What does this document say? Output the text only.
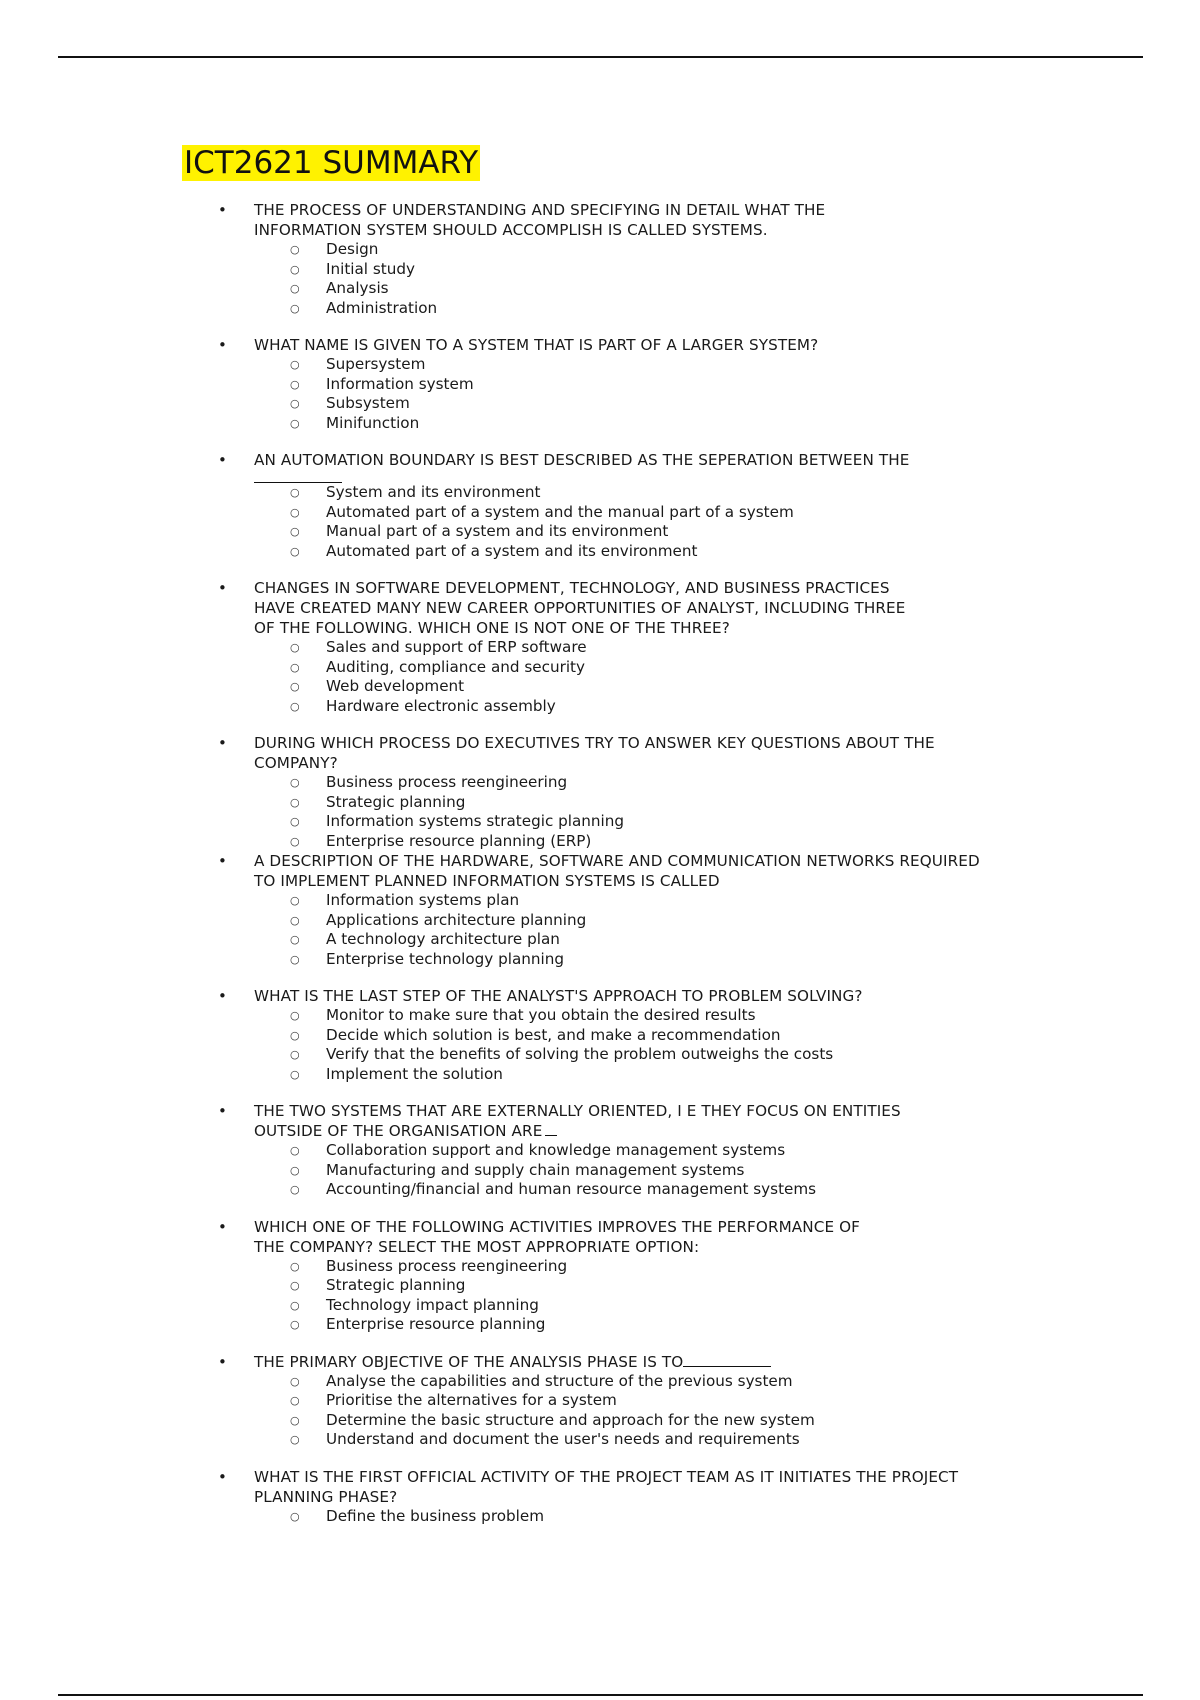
ICT2621 SUMMARY
• THE PROCESS OF UNDERSTANDING AND SPECIFYING IN DETAIL WHAT THE
INFORMATION SYSTEM SHOULD ACCOMPLISH IS CALLED SYSTEMS.
○ Design
○ Initial study
○ Analysis
○ Administration
• WHAT NAME IS GIVEN TO A SYSTEM THAT IS PART OF A LARGER SYSTEM?
○ Supersystem
○ Information system
○ Subsystem
○ Minifunction
• AN AUTOMATION BOUNDARY IS BEST DESCRIBED AS THE SEPERATION BETWEEN THE
○ System and its environment
○ Automated part of a system and the manual part of a system
○ Manual part of a system and its environment
○ Automated part of a system and its environment
• CHANGES IN SOFTWARE DEVELOPMENT, TECHNOLOGY, AND BUSINESS PRACTICES
HAVE CREATED MANY NEW CAREER OPPORTUNITIES OF ANALYST, INCLUDING THREE
OF THE FOLLOWING. WHICH ONE IS NOT ONE OF THE THREE?
○ Sales and support of ERP software
○ Auditing, compliance and security
○ Web development
○ Hardware electronic assembly
• DURING WHICH PROCESS DO EXECUTIVES TRY TO ANSWER KEY QUESTIONS ABOUT THE
COMPANY?
○ Business process reengineering
○ Strategic planning
○ Information systems strategic planning
○ Enterprise resource planning (ERP)
• A DESCRIPTION OF THE HARDWARE, SOFTWARE AND COMMUNICATION NETWORKS REQUIRED
TO IMPLEMENT PLANNED INFORMATION SYSTEMS IS CALLED
○ Information systems plan
○ Applications architecture planning
○ A technology architecture plan
○ Enterprise technology planning
• WHAT IS THE LAST STEP OF THE ANALYST'S APPROACH TO PROBLEM SOLVING?
○ Monitor to make sure that you obtain the desired results
○ Decide which solution is best, and make a recommendation
○ Verify that the benefits of solving the problem outweighs the costs
○ Implement the solution
• THE TWO SYSTEMS THAT ARE EXTERNALLY ORIENTED, I E THEY FOCUS ON ENTITIES
OUTSIDE OF THE ORGANISATION ARE
○ Collaboration support and knowledge management systems
○ Manufacturing and supply chain management systems
○ Accounting/financial and human resource management systems
• WHICH ONE OF THE FOLLOWING ACTIVITIES IMPROVES THE PERFORMANCE OF
THE COMPANY? SELECT THE MOST APPROPRIATE OPTION:
○ Business process reengineering
○ Strategic planning
○ Technology impact planning
○ Enterprise resource planning
• THE PRIMARY OBJECTIVE OF THE ANALYSIS PHASE IS TO
○ Analyse the capabilities and structure of the previous system
○ Prioritise the alternatives for a system
○ Determine the basic structure and approach for the new system
○ Understand and document the user's needs and requirements
• WHAT IS THE FIRST OFFICIAL ACTIVITY OF THE PROJECT TEAM AS IT INITIATES THE PROJECT
PLANNING PHASE?
○ Define the business problem
